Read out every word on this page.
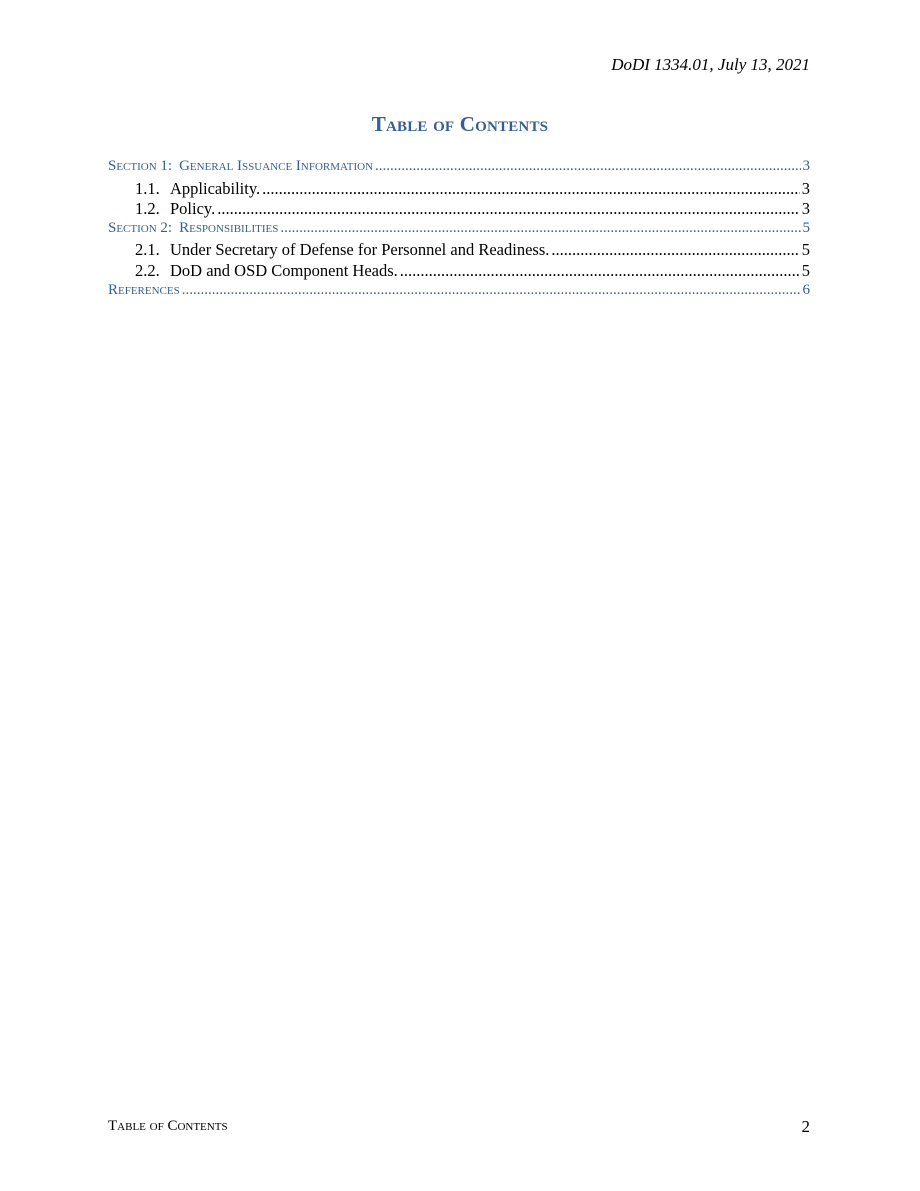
DoDI 1334.01, July 13, 2021
Table of Contents
Section 1: General Issuance Information .....	3
1.1. Applicability. .....	3
1.2. Policy. .....	3
Section 2: Responsibilities .....	5
2.1. Under Secretary of Defense for Personnel and Readiness. .....	5
2.2. DoD and OSD Component Heads. .....	5
References .....	6
Table of Contents	2
